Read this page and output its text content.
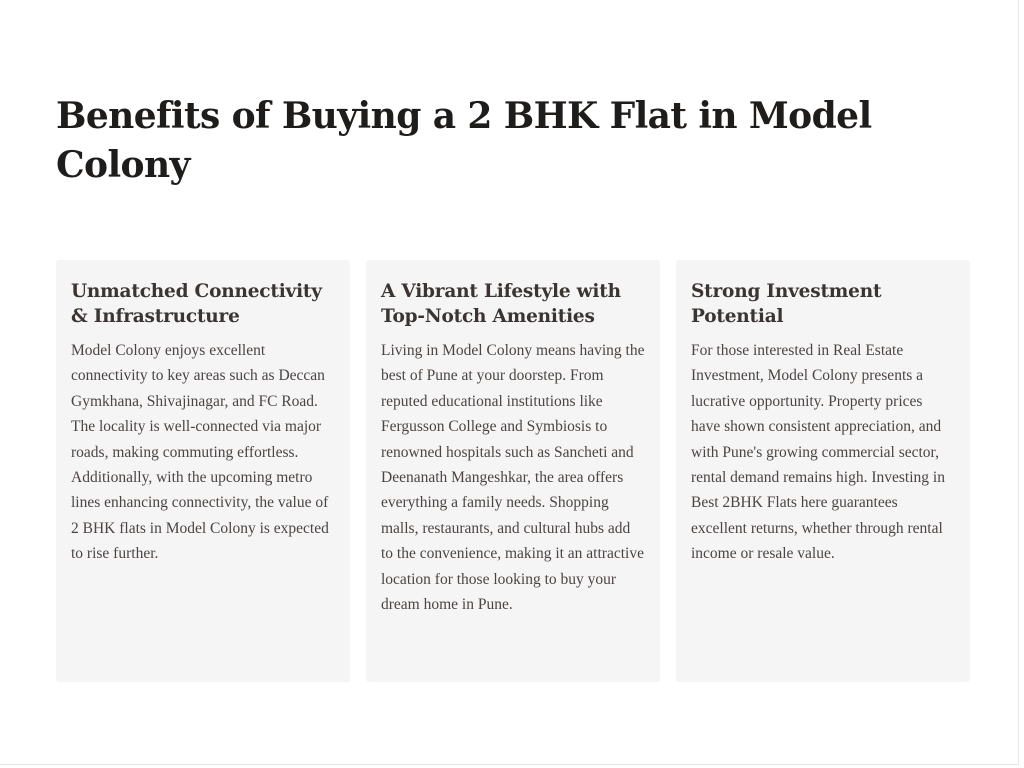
Benefits of Buying a 2 BHK Flat in Model Colony
Unmatched Connectivity & Infrastructure

Model Colony enjoys excellent connectivity to key areas such as Deccan Gymkhana, Shivajinagar, and FC Road. The locality is well-connected via major roads, making commuting effortless. Additionally, with the upcoming metro lines enhancing connectivity, the value of 2 BHK flats in Model Colony is expected to rise further.

A Vibrant Lifestyle with Top-Notch Amenities

Living in Model Colony means having the best of Pune at your doorstep. From reputed educational institutions like Fergusson College and Symbiosis to renowned hospitals such as Sancheti and Deenanath Mangeshkar, the area offers everything a family needs. Shopping malls, restaurants, and cultural hubs add to the convenience, making it an attractive location for those looking to buy your dream home in Pune.

Strong Investment Potential

For those interested in Real Estate Investment, Model Colony presents a lucrative opportunity. Property prices have shown consistent appreciation, and with Pune's growing commercial sector, rental demand remains high. Investing in Best 2BHK Flats here guarantees excellent returns, whether through rental income or resale value.
